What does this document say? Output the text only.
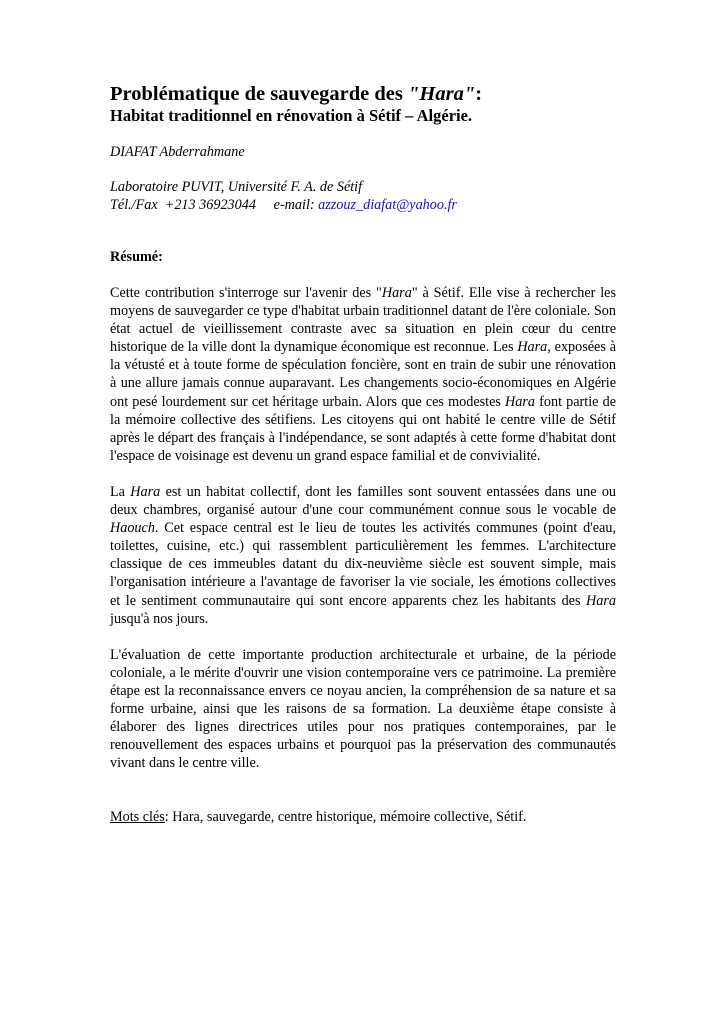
Problématique de sauvegarde des "Hara":
Habitat traditionnel en rénovation à Sétif – Algérie.
DIAFAT Abderrahmane
Laboratoire PUVIT, Université F. A. de Sétif
Tél./Fax  +213 36923044     e-mail: azzouz_diafat@yahoo.fr
Résumé:

Cette contribution s'interroge sur l'avenir des "Hara" à Sétif. Elle vise à rechercher les moyens de sauvegarder ce type d'habitat urbain traditionnel datant de l'ère coloniale. Son état actuel de vieillissement contraste avec sa situation en plein cœur du centre historique de la ville dont la dynamique économique est reconnue. Les Hara, exposées à la vétusté et à toute forme de spéculation foncière, sont en train de subir une rénovation à une allure jamais connue auparavant. Les changements socio-économiques en Algérie ont pesé lourdement sur cet héritage urbain. Alors que ces modestes Hara font partie de la mémoire collective des sétifiens. Les citoyens qui ont habité le centre ville de Sétif après le départ des français à l'indépendance, se sont adaptés à cette forme d'habitat dont l'espace de voisinage est devenu un grand espace familial et de convivialité.

La Hara est un habitat collectif, dont les familles sont souvent entassées dans une ou deux chambres, organisé autour d'une cour communément connue sous le vocable de Haouch. Cet espace central est le lieu de toutes les activités communes (point d'eau, toilettes, cuisine, etc.) qui rassemblent particulièrement les femmes. L'architecture classique de ces immeubles datant du dix-neuvième siècle est souvent simple, mais l'organisation intérieure a l'avantage de favoriser la vie sociale, les émotions collectives et le sentiment communautaire qui sont encore apparents chez les habitants des Hara jusqu'à nos jours.

L'évaluation de cette importante production architecturale et urbaine, de la période coloniale, a le mérite d'ouvrir une vision contemporaine vers ce patrimoine. La première étape est la reconnaissance envers ce noyau ancien, la compréhension de sa nature et sa forme urbaine, ainsi que les raisons de sa formation. La deuxième étape consiste à élaborer des lignes directrices utiles pour nos pratiques contemporaines, par le renouvellement des espaces urbains et pourquoi pas la préservation des communautés vivant dans le centre ville.

Mots clés: Hara, sauvegarde, centre historique, mémoire collective, Sétif.
